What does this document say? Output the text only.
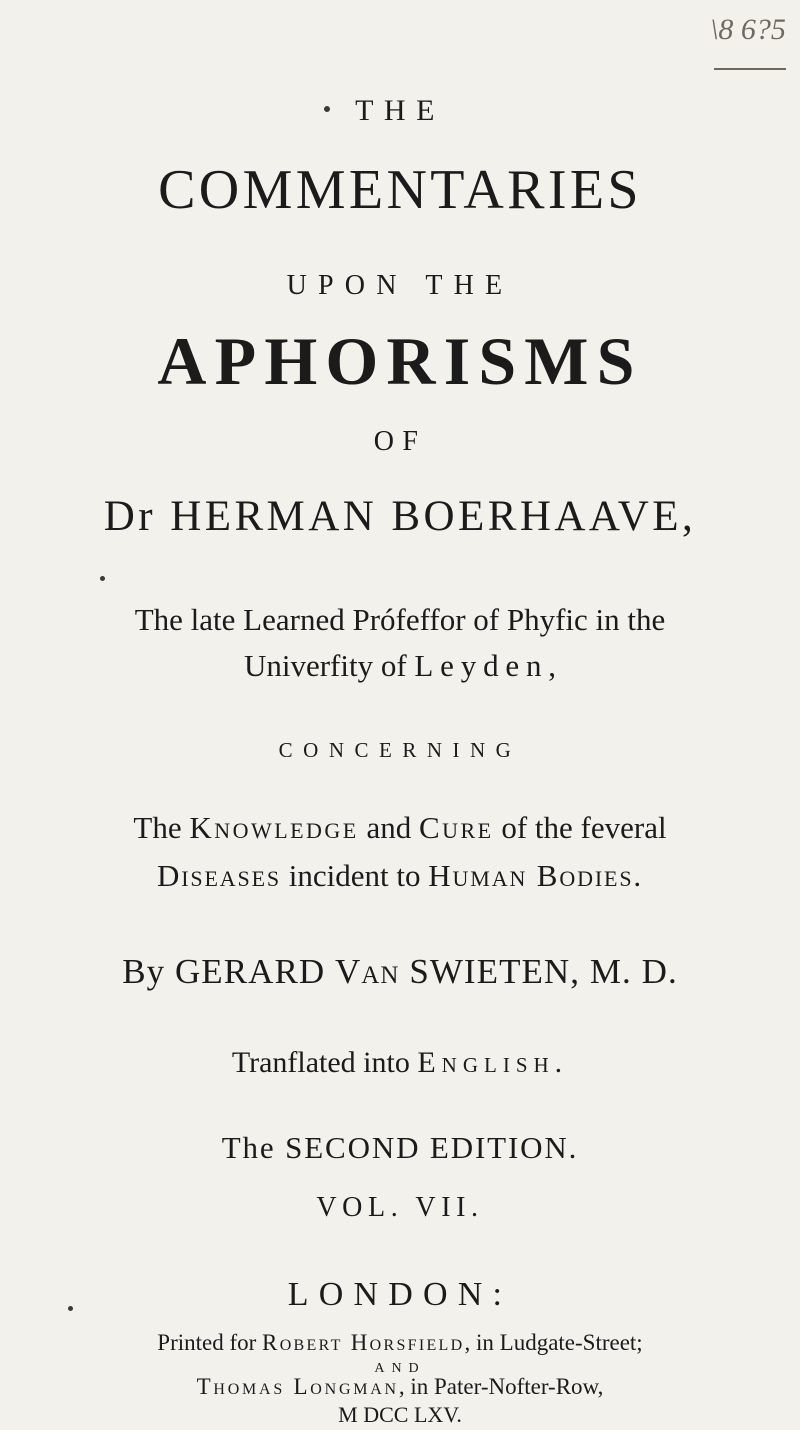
\8 6?5
THE
COMMENTARIES
UPON THE
APHORISMS
OF
Dr HERMAN BOERHAAVE,
The late Learned Prófeffor of Phyfic in the
Univerfity of Leyden,
CONCERNING
The Knowledge and Cure of the feveral
Diseases incident to Human Bodies.
By GERARD Van SWIETEN, M. D.
Tranflated into English.
The SECOND EDITION.
VOL. VII.
LONDON:
Printed for Robert Horsfield, in Ludgate-Street;
AND
Thomas Longman, in Pater-Nofter-Row,
M DCC LXV.
